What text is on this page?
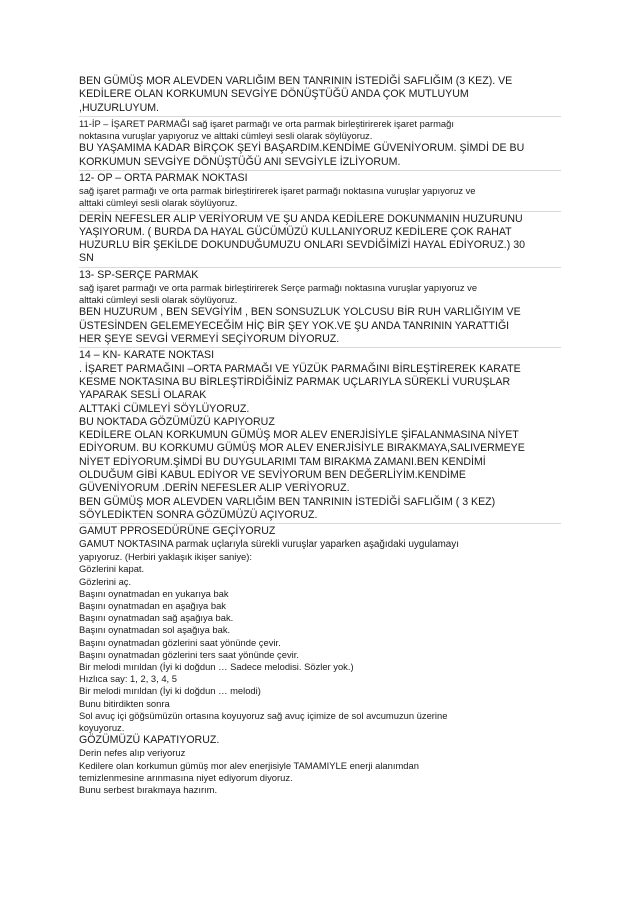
BEN GÜMÜŞ MOR ALEVDEN VARLIĞIM BEN TANRININ İSTEDİĞİ SAFLIĞIM (3 KEZ). VE
KEDİLERE OLAN KORKUMUN SEVGİYE DÖNÜŞTÜĞÜ ANDA ÇOK MUTLUYUM
,HUZURLUYUM.
11-İP – İŞARET PARMAĞI sağ işaret parmağı ve orta parmak birleştirirerek işaret parmağı
noktasına vuruşlar yapıyoruz ve alttaki cümleyi sesli olarak söylüyoruz.
BU YAŞAMIMA KADAR BİRÇOK ŞEYİ BAŞARDIM.KENDİME GÜVENİYORUM. ŞİMDİ DE BU
KORKUMUN SEVGİYE DÖNÜŞTÜĞÜ ANI SEVGİYLE İZLİYORUM.
12- OP – ORTA PARMAK NOKTASI
sağ işaret parmağı ve orta parmak birleştirirerek işaret parmağı noktasına vuruşlar yapıyoruz ve
alttaki cümleyi sesli olarak söylüyoruz.
DERİN NEFESLER ALIP VERİYORUM VE ŞU ANDA KEDİLERE DOKUNMANIN HUZURUNU
YAŞIYORUM. ( BURDA DA HAYAL GÜCÜMÜZÜ KULLANIYORUZ KEDİLERE ÇOK RAHAT
HUZURLU BİR ŞEKİLDE DOKUNDUĞUMUZU ONLARI SEVDİĞİMİZİ HAYAL EDİYORUZ.) 30
SN
13- SP-SERÇE PARMAK
sağ işaret parmağı ve orta parmak birleştirirerek Serçe parmağı noktasına vuruşlar yapıyoruz ve
alttaki cümleyi sesli olarak söylüyoruz.
BEN HUZURUM , BEN SEVGİYİM , BEN SONSUZLUK YOLCUSU BİR RUH VARLIĞIYIM VE
ÜSTESİNDEN GELEMEYECEĞİM HİÇ BİR ŞEY YOK.VE ŞU ANDA TANRININ YARATTIĞI
HER ŞEYE SEVGİ VERMEYİ SEÇİYORUM DİYORUZ.
14 – KN- KARATE NOKTASI
. İŞARET PARMAĞINI –ORTA PARMAĞI VE YÜZÜK PARMAĞINI BİRLEŞTİREREK KARATE
KESME NOKTASINA BU BİRLEŞTİRDİĞİNİZ PARMAK UÇLARIYLA SÜREKLİ VURUŞLAR
YAPARAK SESLİ OLARAK
ALTTAKİ CÜMLEYİ SÖYLÜYORUZ.
BU NOKTADA GÖZÜMÜZÜ KAPIYORUZ
KEDİLERE OLAN KORKUMUN GÜMÜŞ MOR ALEV ENERJİSİYLE ŞİFALANMASINA NİYET
EDİYORUM. BU KORKUMU GÜMÜŞ MOR ALEV ENERJİSİYLE BIRAKMAYA,SALIVERMEYE
NİYET EDİYORUM.ŞİMDİ BU DUYGULARIMI TAM BIRAKMA ZAMANI.BEN KENDİMİ
OLDUĞUM GİBİ KABUL EDİYOR VE SEVİYORUM BEN DEĞERLİYİM.KENDİME
GÜVENİYORUM .DERİN NEFESLER ALIP VERİYORUZ.
BEN GÜMÜŞ MOR ALEVDEN VARLIĞIM BEN TANRININ İSTEDİĞİ SAFLIĞIM ( 3 KEZ)
SÖYLEDİKTEN SONRA GÖZÜMÜZÜ AÇIYORUZ.
GAMUT PPROSEDÜRÜNE GEÇİYORUZ
GAMUT NOKTASINA parmak uçlarıyla sürekli vuruşlar yaparken aşağıdaki uygulamayı
yapıyoruz. (Herbiri yaklaşık ikişer saniye):
Gözlerini kapat.
Gözlerini aç.
Başını oynatmadan en yukarıya bak
Başını oynatmadan en aşağıya bak
Başını oynatmadan sağ aşağıya bak.
Başını oynatmadan sol aşağıya bak.
Başını oynatmadan gözlerini saat yönünde çevir.
Başını oynatmadan gözlerini ters saat yönünde çevir.
Bir melodi mırıldan (İyi ki doğdun … Sadece melodisi. Sözler yok.)
Hızlıca say: 1, 2, 3, 4, 5
Bir melodi mırıldan (İyi ki doğdun … melodi)
Bunu bitirdikten sonra
Sol avuç içi göğsümüzün ortasına koyuyoruz sağ avuç içimize de sol avcumuzun üzerine
koyuyoruz.
GÖZÜMÜZÜ KAPATIYORUZ.
Derin nefes alıp veriyoruz
Kedilere olan korkumun gümüş mor alev enerjisiyle TAMAMIYLE enerji alanımdan
temizlenmesine arınmasına niyet ediyorum diyoruz.
Bunu serbest bırakmaya hazırım.
